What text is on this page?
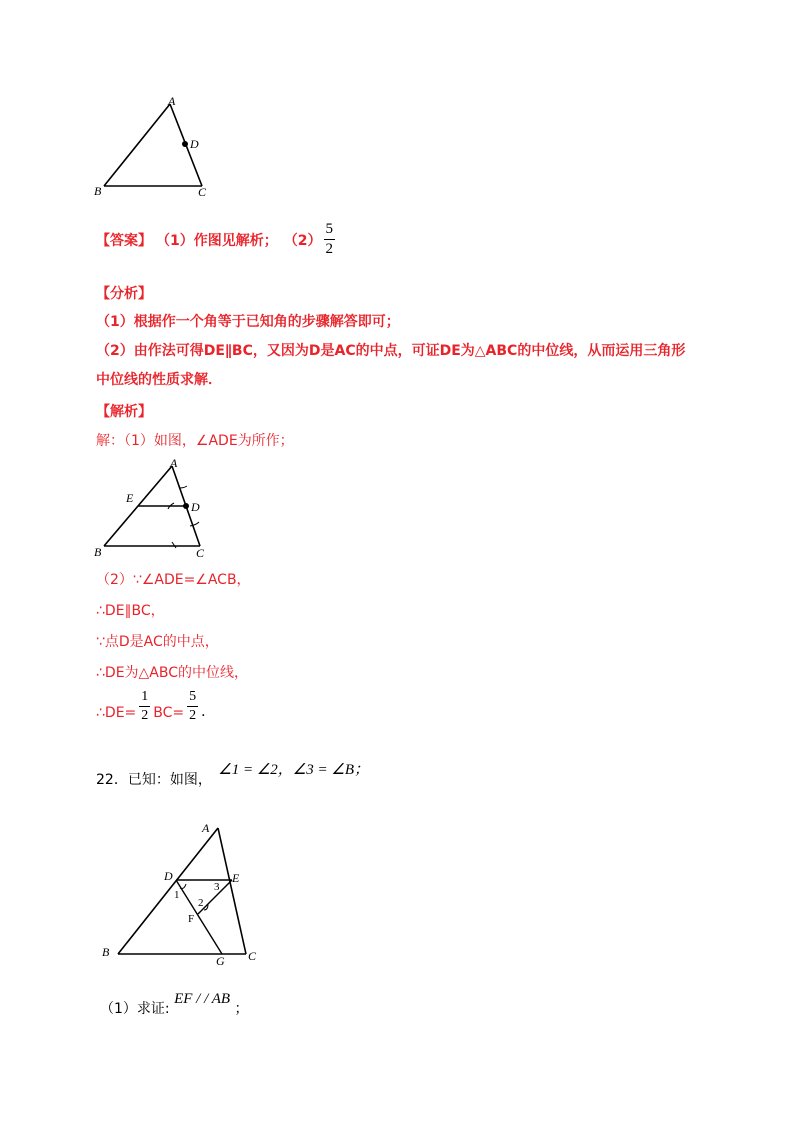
A
D
B	C
【答案】 （1）作图见解析； $(2) \frac{5}{2}$
【分析】
（1）根据作一个角等于已知角的步骤解答即可；
（2）由作法可得DE∥BC，又因为D是AC的中点，可证DE为△ABC的中位线，从而运用三角形
中位线的性质求解．
【解析】
解：（1）如图，∠ADE为所作；
A
E
D
B	C
（2）∵∠ADE=∠ACB，
∴DE∥BC，
∵点D是AC的中点，
∴DE为△ABC的中位线，
∴DE= $\frac{1}{2} BC= \frac{5}{2}$ ．
22．已知：如图， ∠1 = ∠2，∠3 = ∠B；
A
D	E
1
2
3
F
B
G C
（1）求证: EF / / AB ；
